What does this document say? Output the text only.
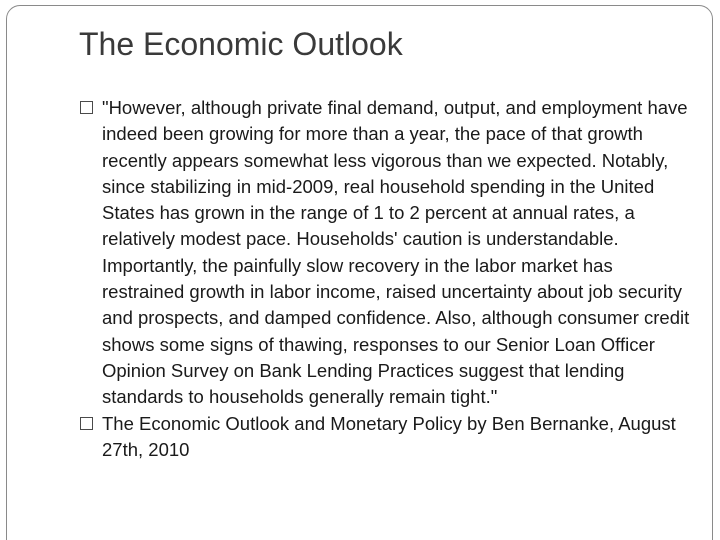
The Economic Outlook
"However, although private final demand, output, and employment have indeed been growing for more than a year, the pace of that growth recently appears somewhat less vigorous than we expected. Notably, since stabilizing in mid-2009, real household spending in the United States has grown in the range of 1 to 2 percent at annual rates, a relatively modest pace. Households' caution is understandable. Importantly, the painfully slow recovery in the labor market has restrained growth in labor income, raised uncertainty about job security and prospects, and damped confidence. Also, although consumer credit shows some signs of thawing, responses to our Senior Loan Officer Opinion Survey on Bank Lending Practices suggest that lending standards to households generally remain tight."
The Economic Outlook and Monetary Policy by Ben Bernanke, August 27th, 2010
